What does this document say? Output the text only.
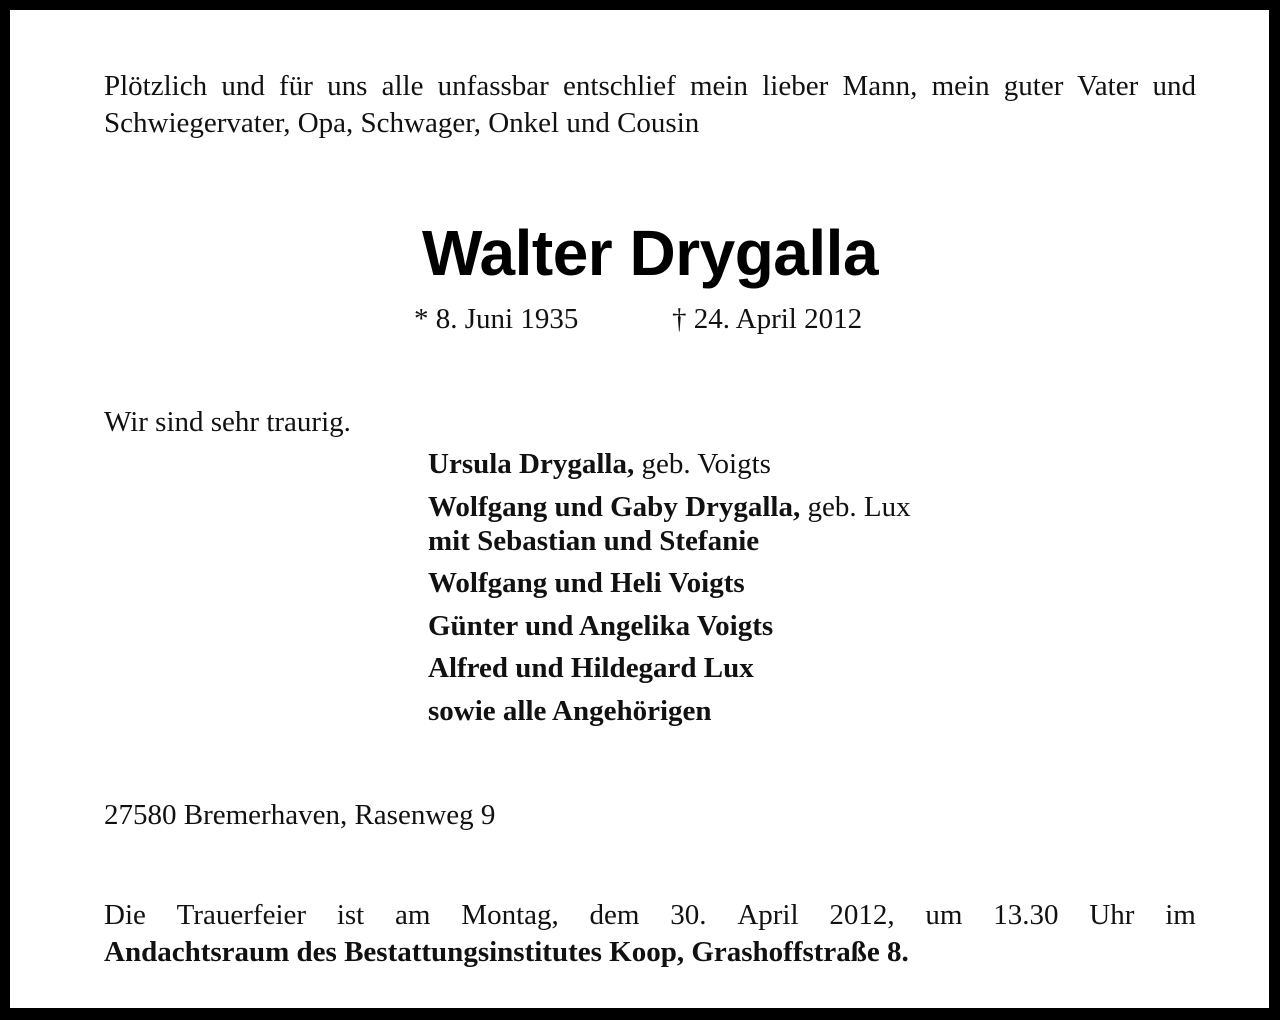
Plötzlich und für uns alle unfassbar entschlief mein lieber Mann, mein guter Vater und Schwiegervater, Opa, Schwager, Onkel und Cousin
Walter Drygalla
* 8. Juni 1935	† 24. April 2012
Wir sind sehr traurig.
Ursula Drygalla, geb. Voigts
Wolfgang und Gaby Drygalla, geb. Lux
mit Sebastian und Stefanie
Wolfgang und Heli Voigts
Günter und Angelika Voigts
Alfred und Hildegard Lux
sowie alle Angehörigen
27580 Bremerhaven, Rasenweg 9
Die Trauerfeier ist am Montag, dem 30. April 2012, um 13.30 Uhr im
Andachtsraum des Bestattungsinstitutes Koop, Grashoffstraße 8.
